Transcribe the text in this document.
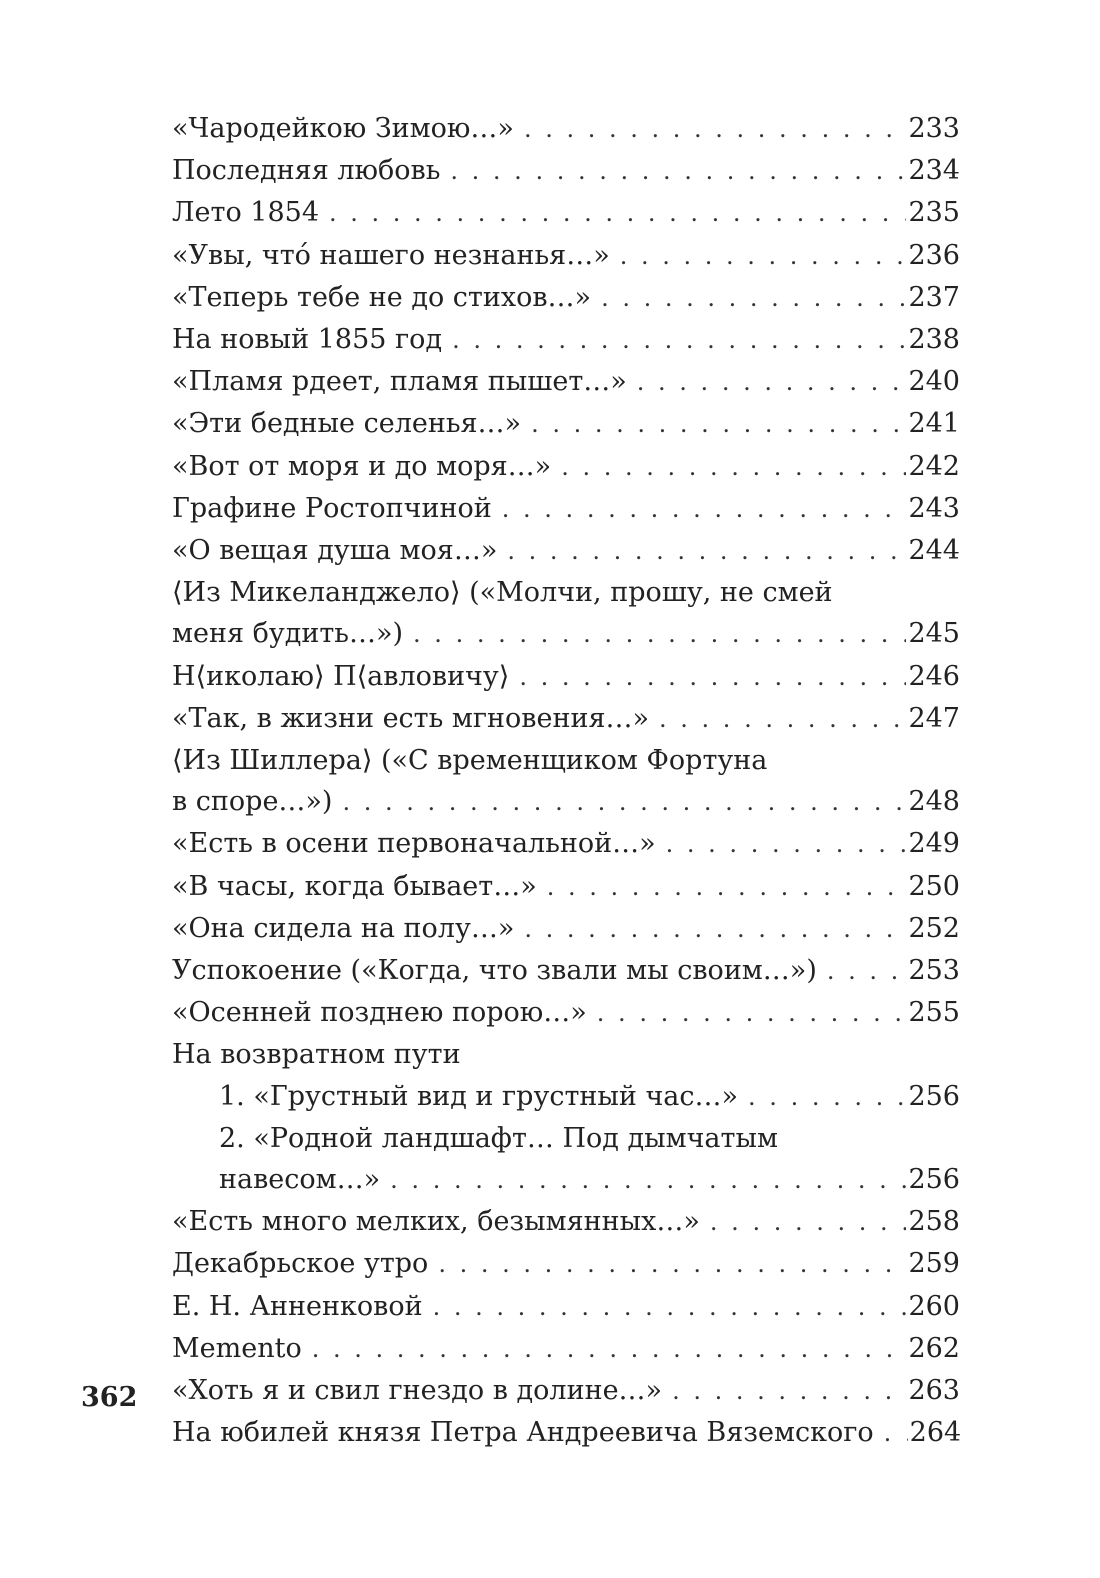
«Чародейкою Зимою…» . . .	233
Последняя любовь . . .	234
Лето 1854 . . .	235
«Увы, что́ нашего незнанья…» . . .	236
«Теперь тебе не до стихов…» . . .	237
На новый 1855 год . . .	238
«Пламя рдеет, пламя пышет…» . . .	240
«Эти бедные селенья…» . . .	241
«Вот от моря и до моря…» . . .	242
Графине Ростопчиной . . .	243
«О вещая душа моя…» . . .	244
⟨Из Микеланджело⟩ («Молчи, прошу, не смей
меня будить…») . . .	245
Н⟨иколаю⟩ П⟨авловичу⟩ . . .	246
«Так, в жизни есть мгновения…» . . .	247
⟨Из Шиллера⟩ («С временщиком Фортуна
в споре…») . . .	248
«Есть в осени первоначальной…» . . .	249
«В часы, когда бывает…» . . .	250
«Она сидела на полу…» . . .	252
Успокоение («Когда, что звали мы своим…») . . .	253
«Осенней позднею порою…» . . .	255
На возвратном пути
1. «Грустный вид и грустный час…» . . .	256
2. «Родной ландшафт… Под дымчатым
навесом…» . . .	256
«Есть много мелких, безымянных…» . . .	258
Декабрьское утро . . .	259
Е. Н. Анненковой . . .	260
Memento . . .	262
«Хоть я и свил гнездо в долине…» . . .	263
На юбилей князя Петра Андреевича Вяземского . . . 264
362
